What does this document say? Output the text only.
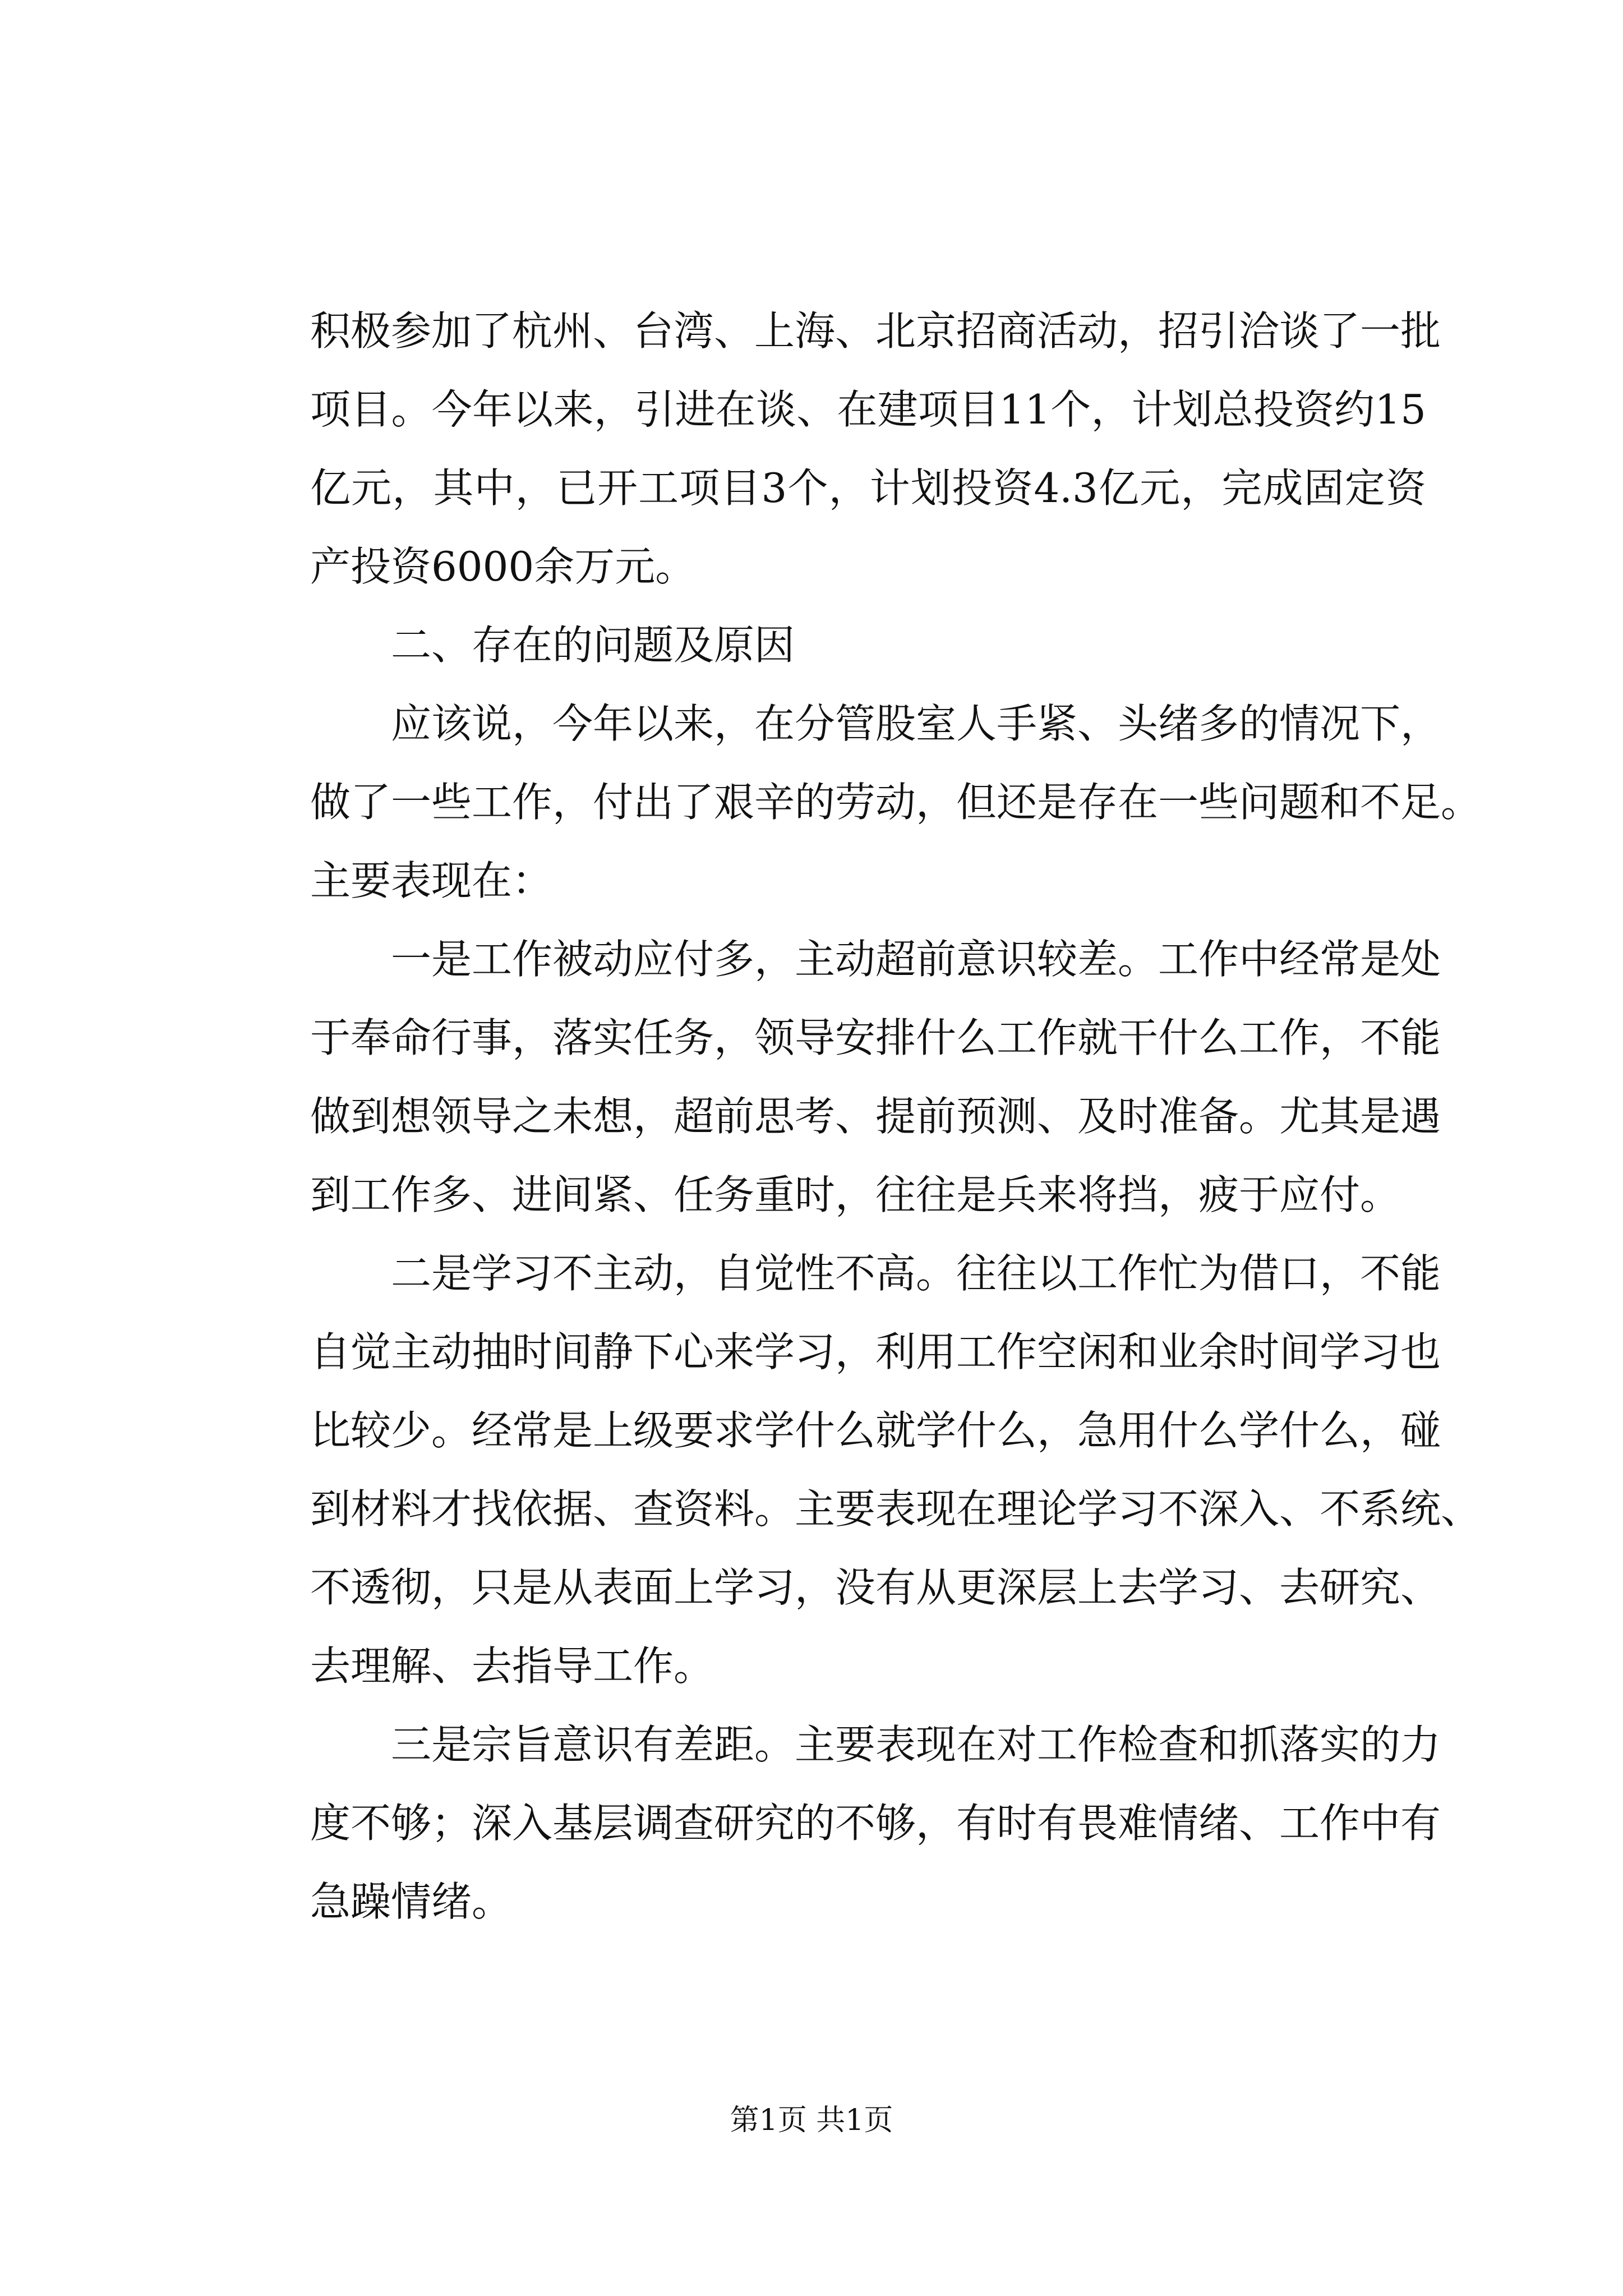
积极参加了杭州、台湾、上海、北京招商活动，招引洽谈了一批
项目。今年以来，引进在谈、在建项目11个，计划总投资约15
亿元，其中，已开工项目3个，计划投资4.3亿元，完成固定资
产投资6000余万元。
二、存在的问题及原因
应该说，今年以来，在分管股室人手紧、头绪多的情况下，
做了一些工作，付出了艰辛的劳动，但还是存在一些问题和不足。
主要表现在：
一是工作被动应付多，主动超前意识较差。工作中经常是处
于奉命行事，落实任务，领导安排什么工作就干什么工作，不能
做到想领导之未想，超前思考、提前预测、及时准备。尤其是遇
到工作多、进间紧、任务重时，往往是兵来将挡，疲于应付。
二是学习不主动，自觉性不高。往往以工作忙为借口，不能
自觉主动抽时间静下心来学习，利用工作空闲和业余时间学习也
比较少。经常是上级要求学什么就学什么，急用什么学什么，碰
到材料才找依据、查资料。主要表现在理论学习不深入、不系统、
不透彻，只是从表面上学习，没有从更深层上去学习、去研究、
去理解、去指导工作。
三是宗旨意识有差距。主要表现在对工作检查和抓落实的力
度不够；深入基层调查研究的不够，有时有畏难情绪、工作中有
急躁情绪。
第1页 共1页
